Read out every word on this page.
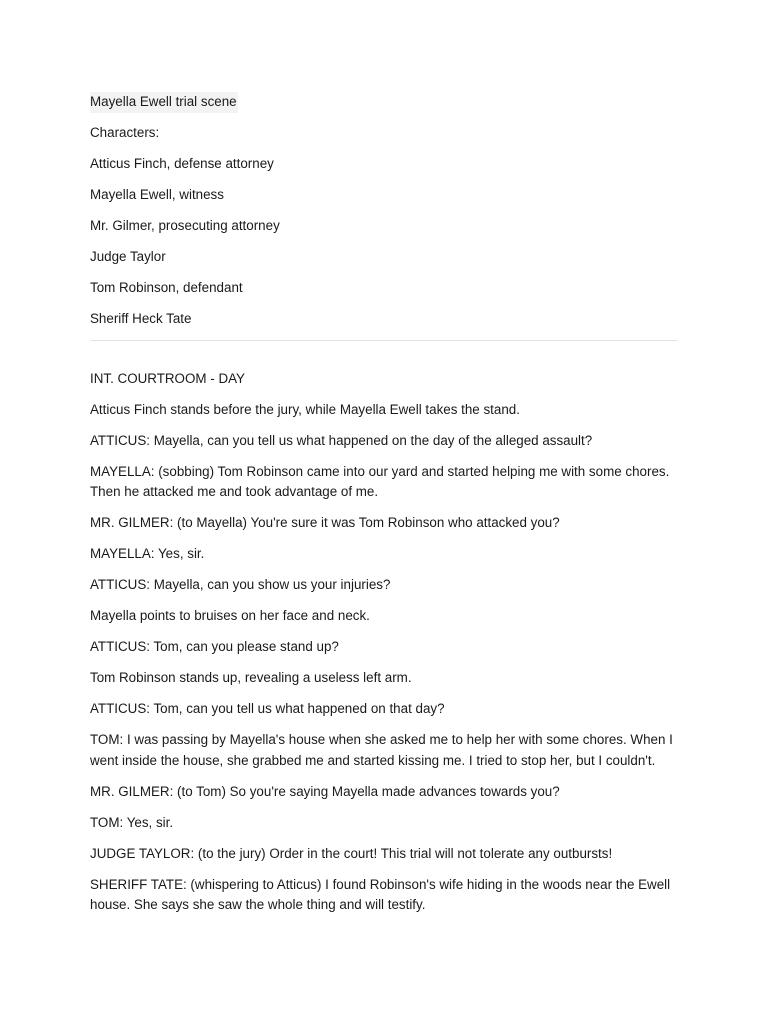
Mayella Ewell trial scene
Characters:
Atticus Finch, defense attorney
Mayella Ewell, witness
Mr. Gilmer, prosecuting attorney
Judge Taylor
Tom Robinson, defendant
Sheriff Heck Tate
INT. COURTROOM - DAY
Atticus Finch stands before the jury, while Mayella Ewell takes the stand.
ATTICUS: Mayella, can you tell us what happened on the day of the alleged assault?
MAYELLA: (sobbing) Tom Robinson came into our yard and started helping me with some chores. Then he attacked me and took advantage of me.
MR. GILMER: (to Mayella) You're sure it was Tom Robinson who attacked you?
MAYELLA: Yes, sir.
ATTICUS: Mayella, can you show us your injuries?
Mayella points to bruises on her face and neck.
ATTICUS: Tom, can you please stand up?
Tom Robinson stands up, revealing a useless left arm.
ATTICUS: Tom, can you tell us what happened on that day?
TOM: I was passing by Mayella's house when she asked me to help her with some chores. When I went inside the house, she grabbed me and started kissing me. I tried to stop her, but I couldn't.
MR. GILMER: (to Tom) So you're saying Mayella made advances towards you?
TOM: Yes, sir.
JUDGE TAYLOR: (to the jury) Order in the court! This trial will not tolerate any outbursts!
SHERIFF TATE: (whispering to Atticus) I found Robinson's wife hiding in the woods near the Ewell house. She says she saw the whole thing and will testify.
